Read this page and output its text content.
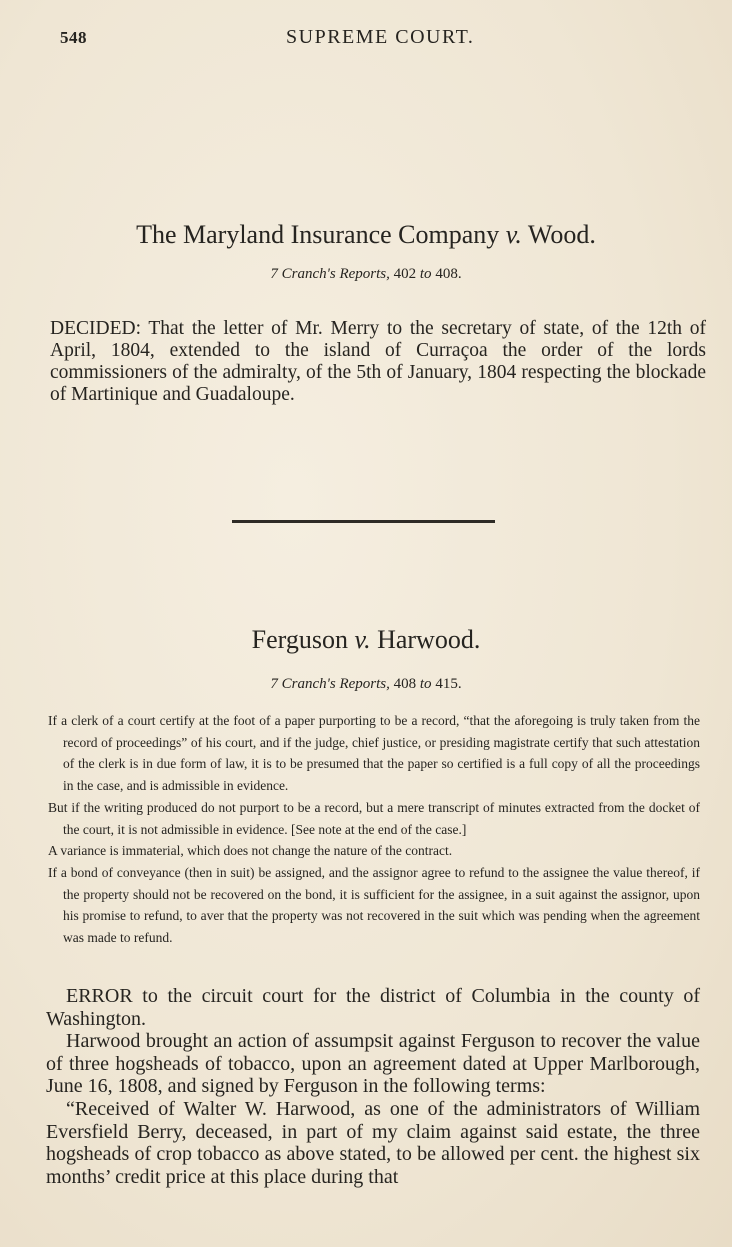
548	SUPREME COURT.
The Maryland Insurance Company v. Wood.
7 Cranch's Reports, 402 to 408.

DECIDED: That the letter of Mr. Merry to the secretary of state, of the 12th of April, 1804, extended to the island of Curraçoa the order of the lords commissioners of the admiralty, of the 5th of January, 1804 respecting the blockade of Martinique and Guadaloupe.

Ferguson v. Harwood.
7 Cranch's Reports, 408 to 415.

If a clerk of a court certify at the foot of a paper purporting to be a record, “that the aforegoing is truly taken from the record of proceedings” of his court, and if the judge, chief justice, or presiding magistrate certify that such attestation of the clerk is in due form of law, it is to be presumed that the paper so certified is a full copy of all the proceedings in the case, and is admissible in evidence.

But if the writing produced do not purport to be a record, but a mere transcript of minutes extracted from the docket of the court, it is not admissible in evidence. [See note at the end of the case.]

A variance is immaterial, which does not change the nature of the contract.

If a bond of conveyance (then in suit) be assigned, and the assignor agree to refund to the assignee the value thereof, if the property should not be recovered on the bond, it is sufficient for the assignee, in a suit against the assignor, upon his promise to refund, to aver that the property was not recovered in the suit which was pending when the agreement was made to refund.

ERROR to the circuit court for the district of Columbia in the county of Washington.

Harwood brought an action of assumpsit against Ferguson to recover the value of three hogsheads of tobacco, upon an agreement dated at Upper Marlborough, June 16, 1808, and signed by Ferguson in the following terms:

“Received of Walter W. Harwood, as one of the administrators of William Eversfield Berry, deceased, in part of my claim against said estate, the three hogsheads of crop tobacco as above stated, to be allowed per cent. the highest six months’ credit price at this place during that
